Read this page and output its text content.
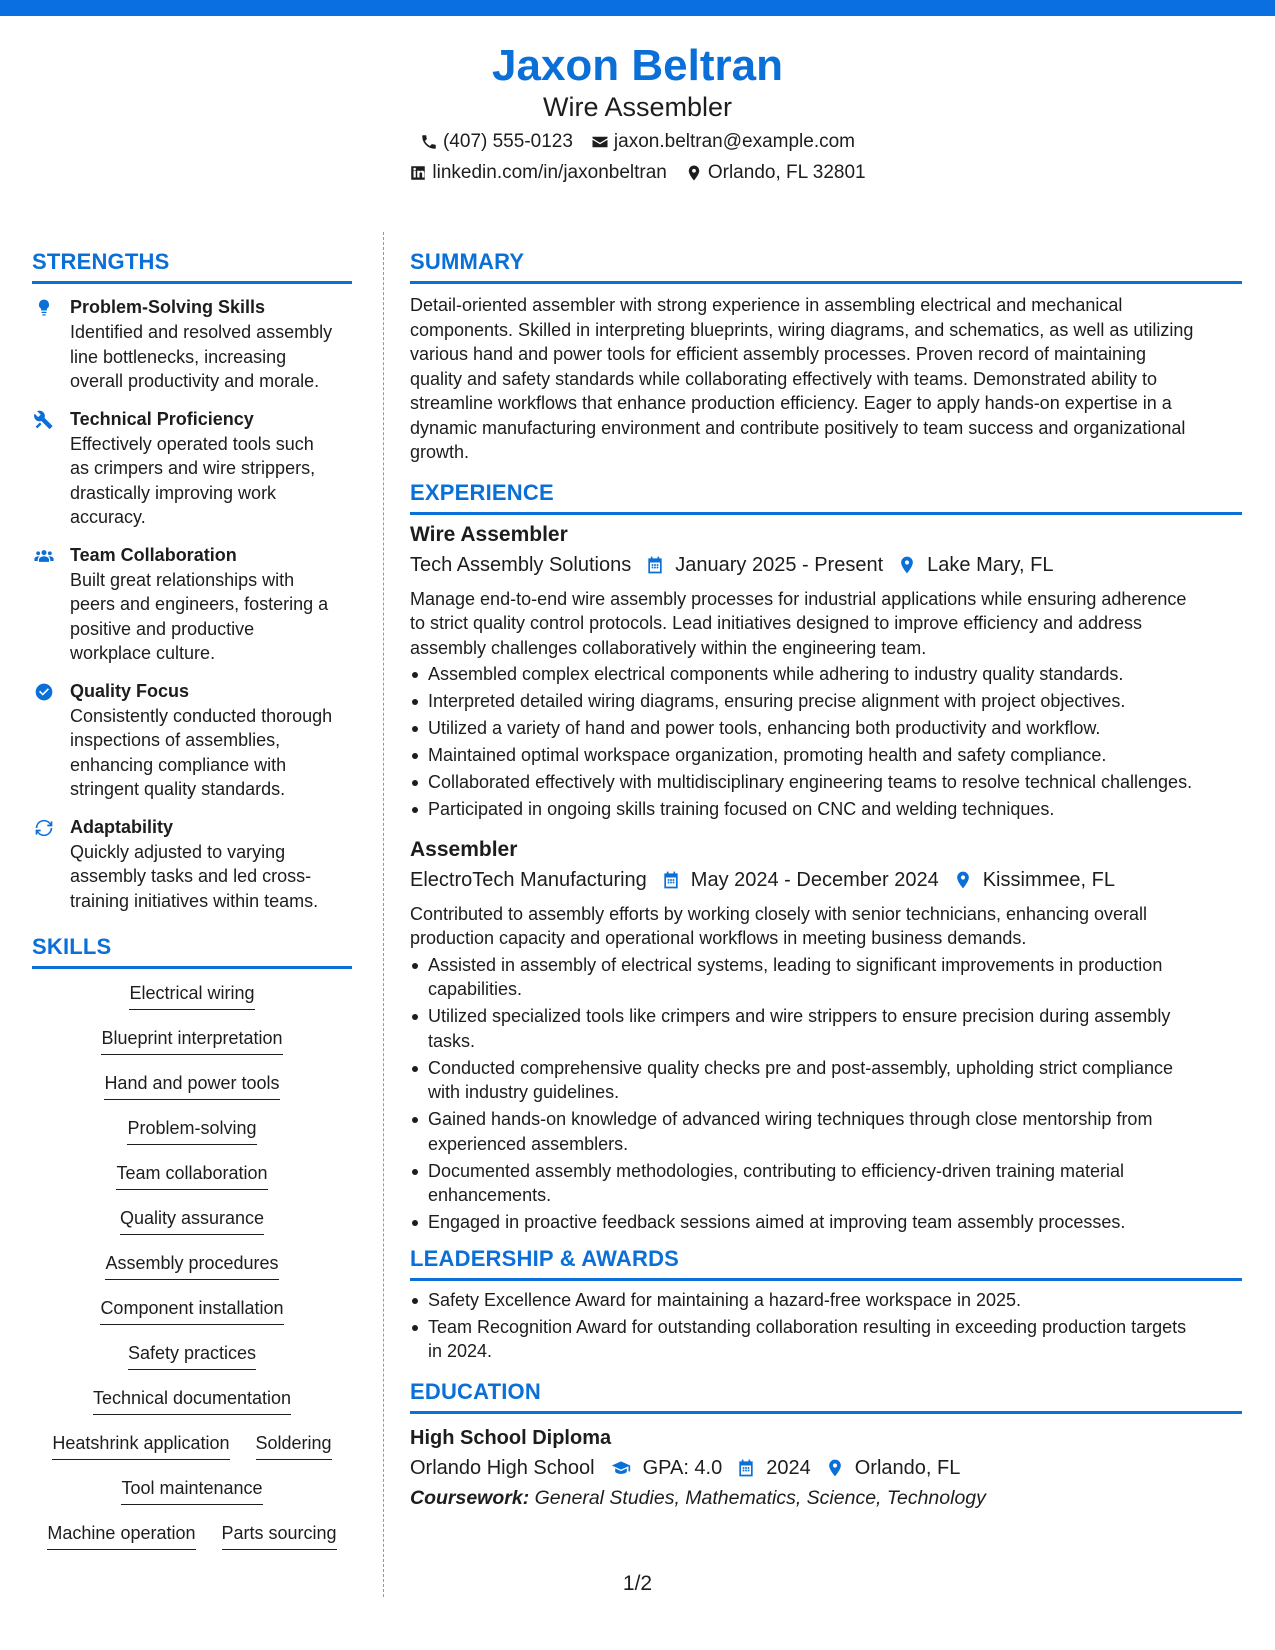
Jaxon Beltran
Wire Assembler
(407) 555-0123 jaxon.beltran@example.com
linkedin.com/in/jaxonbeltran Orlando, FL 32801
STRENGTHS
Problem-Solving Skills
Identified and resolved assembly
line bottlenecks, increasing
overall productivity and morale.
Technical Proficiency
Effectively operated tools such
as crimpers and wire strippers,
drastically improving work
accuracy.
Team Collaboration
Built great relationships with
peers and engineers, fostering a
positive and productive
workplace culture.
Quality Focus
Consistently conducted thorough
inspections of assemblies,
enhancing compliance with
stringent quality standards.
Adaptability
Quickly adjusted to varying
assembly tasks and led cross-
training initiatives within teams.
SKILLS
Electrical wiring
Blueprint interpretation
Hand and power tools
Problem-solving
Team collaboration
Quality assurance
Assembly procedures
Component installation
Safety practices
Technical documentation
Heatshrink application Soldering
Tool maintenance
Machine operation Parts sourcing
SUMMARY
Detail-oriented assembler with strong experience in assembling electrical and mechanical
components. Skilled in interpreting blueprints, wiring diagrams, and schematics, as well as utilizing
various hand and power tools for efficient assembly processes. Proven record of maintaining
quality and safety standards while collaborating effectively with teams. Demonstrated ability to
streamline workflows that enhance production efficiency. Eager to apply hands-on expertise in a
dynamic manufacturing environment and contribute positively to team success and organizational
growth.
EXPERIENCE
Wire Assembler
Tech Assembly Solutions January 2025 - Present Lake Mary, FL
Manage end-to-end wire assembly processes for industrial applications while ensuring adherence
to strict quality control protocols. Lead initiatives designed to improve efficiency and address
assembly challenges collaboratively within the engineering team.
Assembled complex electrical components while adhering to industry quality standards.
Interpreted detailed wiring diagrams, ensuring precise alignment with project objectives.
Utilized a variety of hand and power tools, enhancing both productivity and workflow.
Maintained optimal workspace organization, promoting health and safety compliance.
Collaborated effectively with multidisciplinary engineering teams to resolve technical challenges.
Participated in ongoing skills training focused on CNC and welding techniques.
Assembler
ElectroTech Manufacturing May 2024 - December 2024 Kissimmee, FL
Contributed to assembly efforts by working closely with senior technicians, enhancing overall
production capacity and operational workflows in meeting business demands.
Assisted in assembly of electrical systems, leading to significant improvements in production
capabilities.
Utilized specialized tools like crimpers and wire strippers to ensure precision during assembly
tasks.
Conducted comprehensive quality checks pre and post-assembly, upholding strict compliance
with industry guidelines.
Gained hands-on knowledge of advanced wiring techniques through close mentorship from
experienced assemblers.
Documented assembly methodologies, contributing to efficiency-driven training material
enhancements.
Engaged in proactive feedback sessions aimed at improving team assembly processes.
LEADERSHIP & AWARDS
Safety Excellence Award for maintaining a hazard-free workspace in 2025.
Team Recognition Award for outstanding collaboration resulting in exceeding production targets
in 2024.
EDUCATION
High School Diploma
Orlando High School GPA: 4.0 2024 Orlando, FL
Coursework: General Studies, Mathematics, Science, Technology
1/2
